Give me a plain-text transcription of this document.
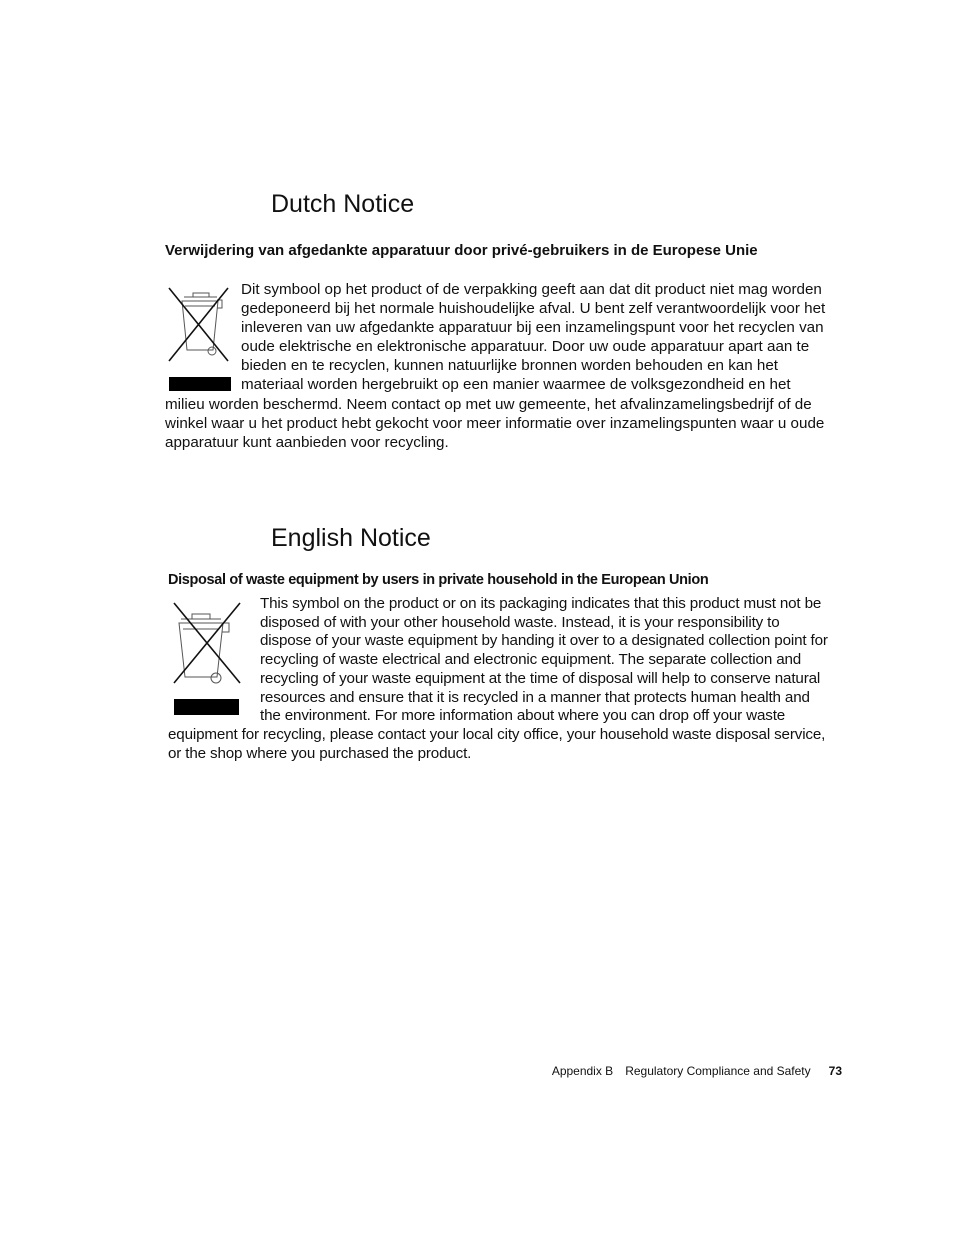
Dutch Notice
Verwijdering van afgedankte apparatuur door privé-gebruikers in de Europese Unie
Dit symbool op het product of de verpakking geeft aan dat dit product niet mag worden gedeponeerd bij het normale huishoudelijke afval. U bent zelf verantwoordelijk voor het inleveren van uw afgedankte apparatuur bij een inzamelingspunt voor het recyclen van oude elektrische en elektronische apparatuur. Door uw oude apparatuur apart aan te bieden en te recyclen, kunnen natuurlijke bronnen worden behouden en kan het materiaal worden hergebruikt op een manier waarmee de volksgezondheid en het milieu worden beschermd. Neem contact op met uw gemeente, het afvalinzamelingsbedrijf of de winkel waar u het product hebt gekocht voor meer informatie over inzamelingspunten waar u oude apparatuur kunt aanbieden voor recycling.
English Notice
Disposal of waste equipment by users in private household in the European Union
This symbol on the product or on its packaging indicates that this product must not be disposed of with your other household waste. Instead, it is your responsibility to dispose of your waste equipment by handing it over to a designated collection point for recycling of waste electrical and electronic equipment. The separate collection and recycling of your waste equipment at the time of disposal will help to conserve natural resources and ensure that it is recycled in a manner that protects human health and the environment. For more information about where you can drop off your waste equipment for recycling, please contact your local city office, your household waste disposal service, or the shop where you purchased the product.
Appendix B Regulatory Compliance and Safety 73
